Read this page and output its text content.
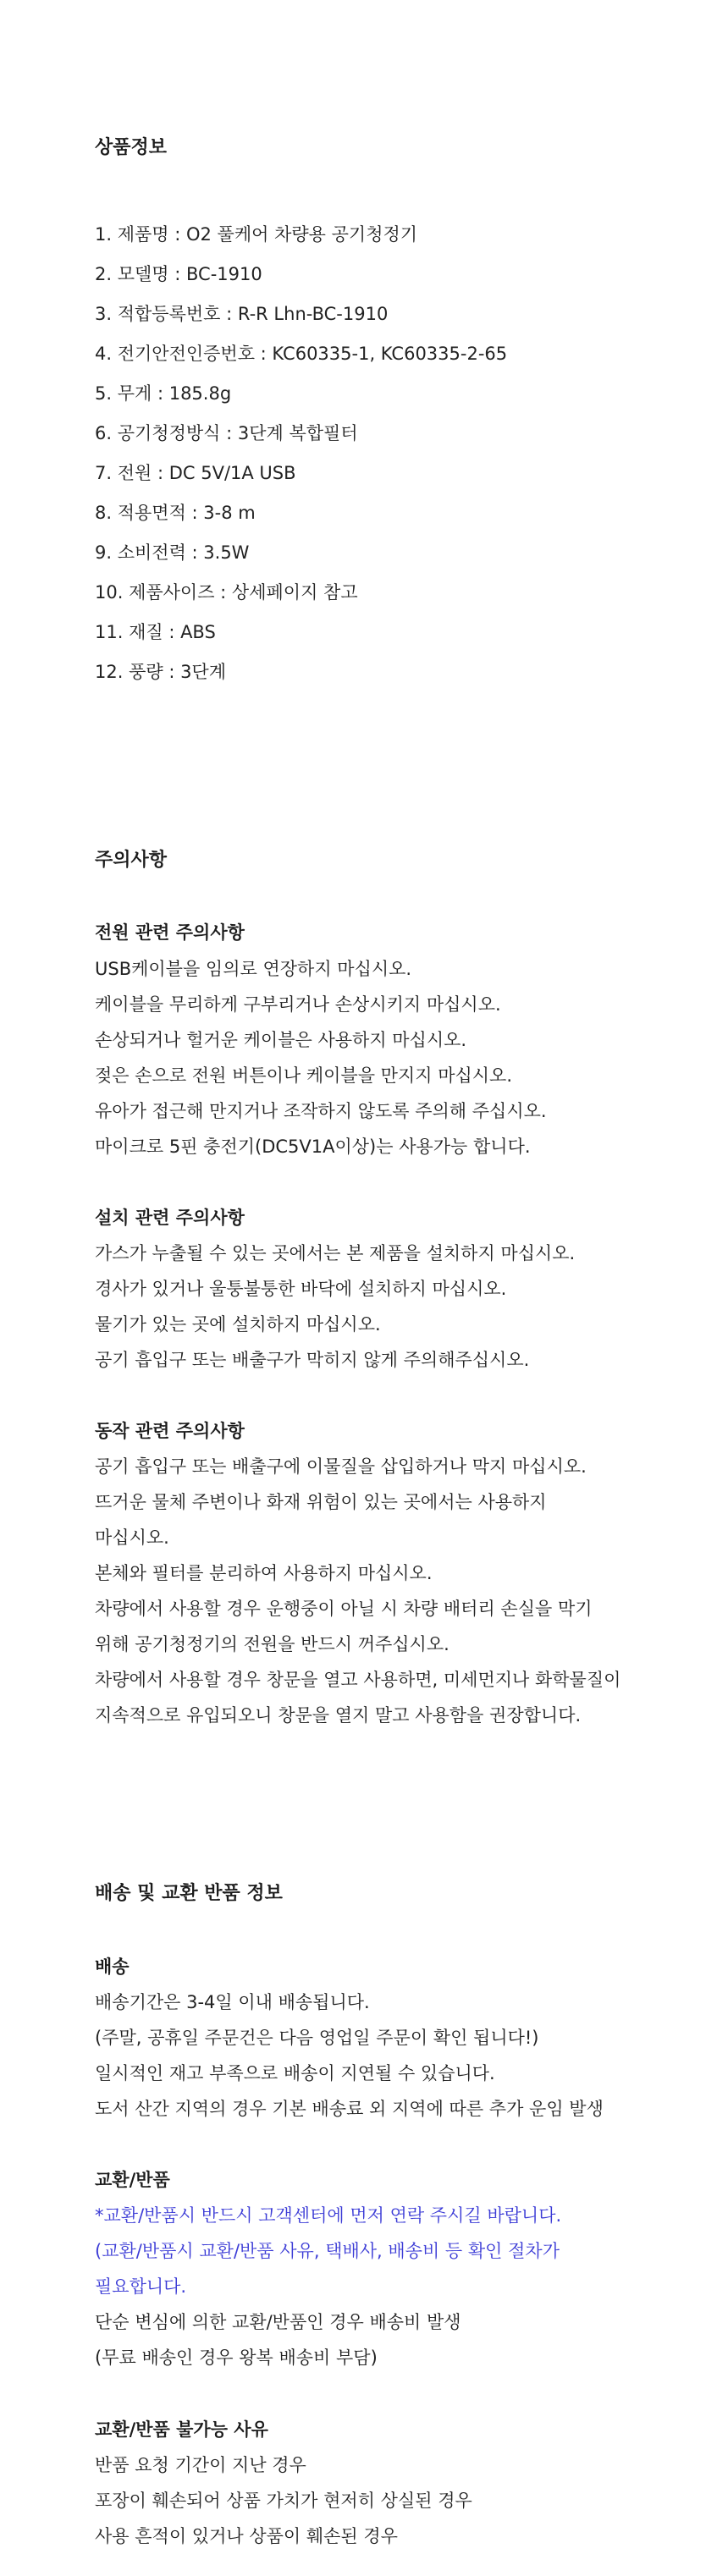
상품정보
1. 제품명 : O2 풀케어 차량용 공기청정기
2. 모델명 : BC-1910
3. 적합등록번호 : R-R Lhn-BC-1910
4. 전기안전인증번호 : KC60335-1, KC60335-2-65
5. 무게 : 185.8g
6. 공기청정방식 : 3단계 복합필터
7. 전원 : DC 5V/1A USB
8. 적용면적 : 3-8 m
9. 소비전력 : 3.5W
10. 제품사이즈 : 상세페이지 참고
11. 재질 : ABS
12. 풍량 : 3단계
주의사항
전원 관련 주의사항
USB케이블을 임의로 연장하지 마십시오.
케이블을 무리하게 구부리거나 손상시키지 마십시오.
손상되거나 헐거운 케이블은 사용하지 마십시오.
젖은 손으로 전원 버튼이나 케이블을 만지지 마십시오.
유아가 접근해 만지거나 조작하지 않도록 주의해 주십시오.
마이크로 5핀 충전기(DC5V1A이상)는 사용가능 합니다.
설치 관련 주의사항
가스가 누출될 수 있는 곳에서는 본 제품을 설치하지 마십시오.
경사가 있거나 울퉁불퉁한 바닥에 설치하지 마십시오.
물기가 있는 곳에 설치하지 마십시오.
공기 흡입구 또는 배출구가 막히지 않게 주의해주십시오.
동작 관련 주의사항
공기 흡입구 또는 배출구에 이물질을 삽입하거나 막지 마십시오.
뜨거운 물체 주변이나 화재 위험이 있는 곳에서는 사용하지
마십시오.
본체와 필터를 분리하여 사용하지 마십시오.
차량에서 사용할 경우 운행중이 아닐 시 차량 배터리 손실을 막기
위해 공기청정기의 전원을 반드시 꺼주십시오.
차량에서 사용할 경우 창문을 열고 사용하면, 미세먼지나 화학물질이
지속적으로 유입되오니 창문을 열지 말고 사용함을 권장합니다.
배송 및 교환 반품 정보
배송
배송기간은 3-4일 이내 배송됩니다.
(주말, 공휴일 주문건은 다음 영업일 주문이 확인 됩니다!)
일시적인 재고 부족으로 배송이 지연될 수 있습니다.
도서 산간 지역의 경우 기본 배송료 외 지역에 따른 추가 운임 발생
교환/반품
*교환/반품시 반드시 고객센터에 먼저 연락 주시길 바랍니다.
(교환/반품시 교환/반품 사유, 택배사, 배송비 등 확인 절차가
필요합니다.
단순 변심에 의한 교환/반품인 경우 배송비 발생
(무료 배송인 경우 왕복 배송비 부담)
교환/반품 불가능 사유
반품 요청 기간이 지난 경우
포장이 훼손되어 상품 가치가 현저히 상실된 경우
사용 흔적이 있거나 상품이 훼손된 경우
